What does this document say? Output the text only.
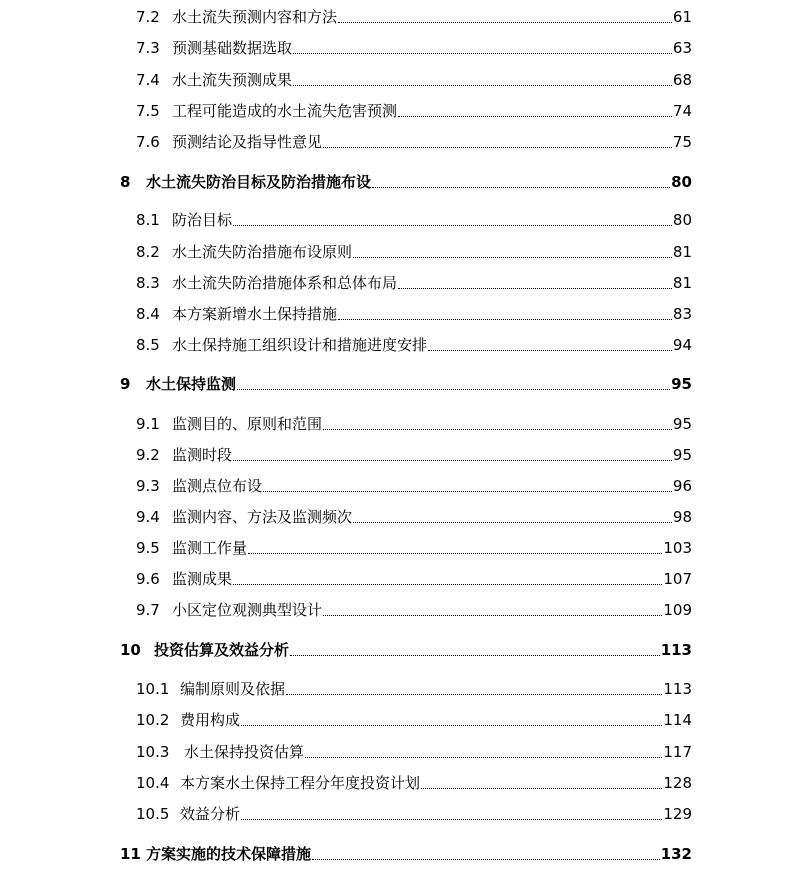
7.2 水土流失预测内容和方法	61
7.3 预测基础数据选取	63
7.4 水土流失预测成果	68
7.5 工程可能造成的水土流失危害预测	74
7.6 预测结论及指导性意见	75
8	水土流失防治目标及防治措施布设	80
8.1 防治目标	80
8.2 水土流失防治措施布设原则	81
8.3 水土流失防治措施体系和总体布局	81
8.4 本方案新增水土保持措施	83
8.5 水土保持施工组织设计和措施进度安排	94
9	水土保持监测	95
9.1 监测目的、原则和范围	95
9.2 监测时段	95
9.3 监测点位布设	96
9.4 监测内容、方法及监测频次	98
9.5 监测工作量	103
9.6 监测成果	107
9.7 小区定位观测典型设计	109
10 投资估算及效益分析	113
10.1 编制原则及依据	113
10.2 费用构成	114
10.3 水土保持投资估算	117
10.4 本方案水土保持工程分年度投资计划	128
10.5 效益分析	129
11 方案实施的技术保障措施	132
